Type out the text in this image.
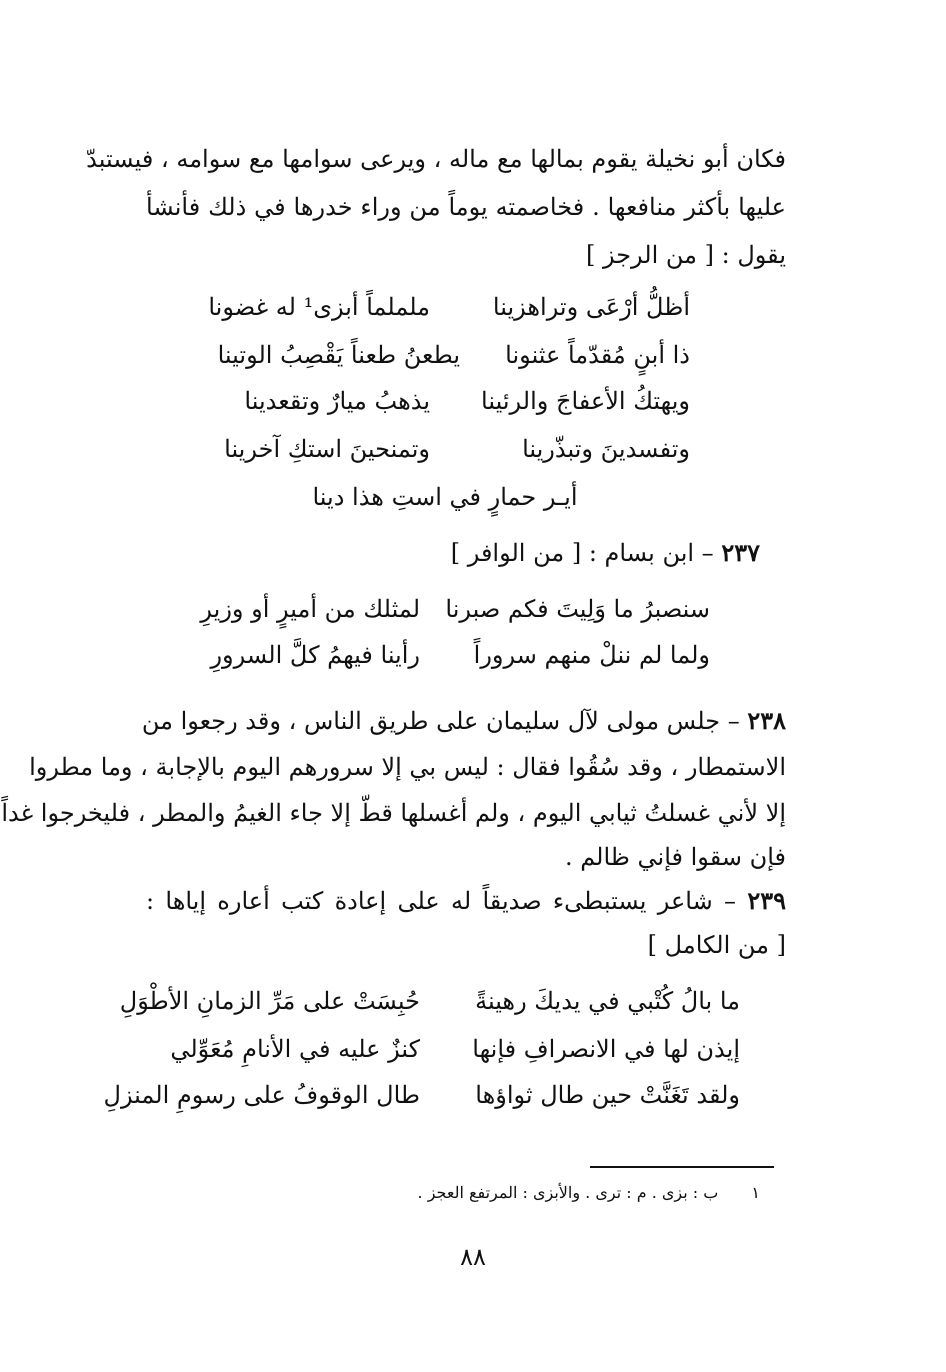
فكان أبو نخيلة يقوم بمالها مع ماله ، ويرعى سوامها مع سوامه ، فيستبدّ
عليها بأكثر منافعها . فخاصمته يوماً من وراء خدرها في ذلك فأنشأ
يقول : [ من الرجز ]
أظلُّ أرْعَى وتراهزينا
ململماً أبزى¹ له غضونا
ذا أبنٍ مُقدّماً عثنونا
يطعنُ طعناً يَقْصِبُ الوتينا
ويهتكُ الأعفاجَ والرئينا
يذهبُ ميارٌ وتقعدينا
وتفسدينَ وتبذّرينا
وتمنحينَ استكِ آخرينا
أيـر حمارٍ في استِ هذا دينا
٢٣٧ – ابن بسام : [ من الوافر ]
سنصبرُ ما وَلِيتَ فكم صبرنا
لمثلك من أميرٍ أو وزيرِ
ولما لم ننلْ منهم سروراً
رأينا فيهمُ كلَّ السرورِ
٢٣٨ – جلس مولى لآل سليمان على طريق الناس ، وقد رجعوا من
الاستمطار ، وقد سُقُوا فقال : ليس بي إلا سرورهم اليوم بالإجابة ، وما مطروا
إلا لأني غسلتُ ثيابي اليوم ، ولم أغسلها قطّ إلا جاء الغيمُ والمطر ، فليخرجوا غداً
فإن سقوا فإني ظالم .
٢٣٩ – شاعر يستبطىء صديقاً له على إعادة كتب أعاره إياها :
[ من الكامل ]
ما بالُ كُتْبي في يديكَ رهينةً
حُبِسَتْ على مَرِّ الزمانِ الأطْوَلِ
إيذن لها في الانصرافِ فإنها
كنزٌ عليه في الأنامِ مُعَوِّلي
ولقد تَغَنَّتْ حين طال ثواؤها
طال الوقوفُ على رسومِ المنزلِ
١ ب : بزى . م : ترى . والأبزى : المرتفع العجز .
٨٨
